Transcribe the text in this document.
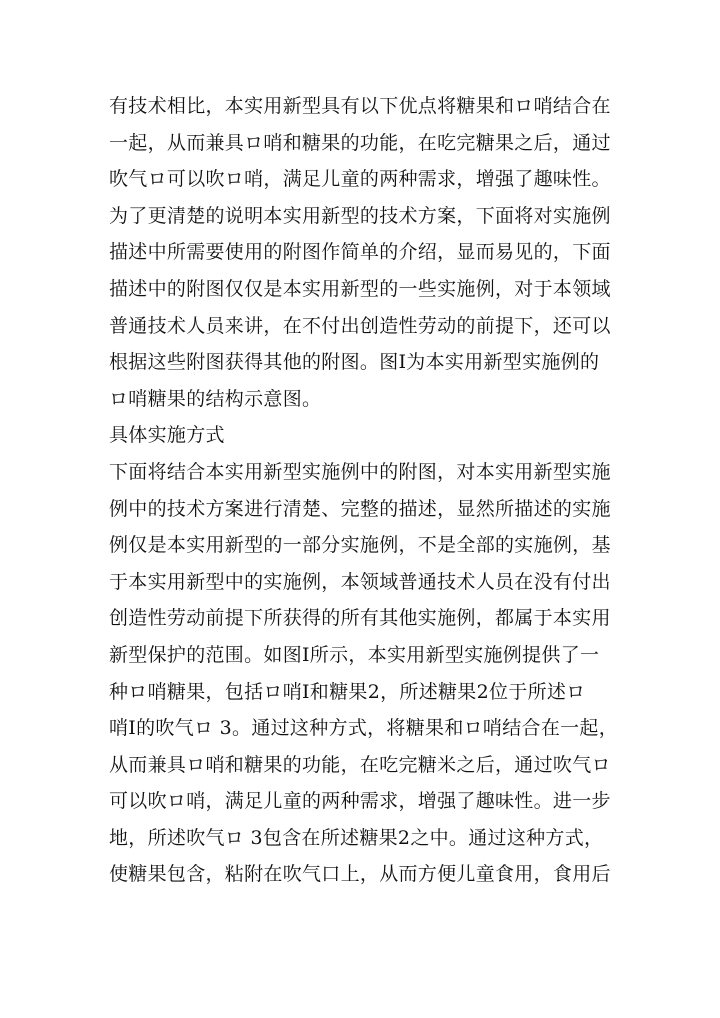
有技术相比，本实用新型具有以下优点将糖果和ロ哨结合在
一起，从而兼具ロ哨和糖果的功能，在吃完糖果之后，通过
吹气ロ可以吹ロ哨，满足儿童的两种需求，增强了趣味性。
为了更清楚的说明本实用新型的技术方案，下面将对实施例
描述中所需要使用的附图作简单的介绍，显而易见的，下面
描述中的附图仅仅是本实用新型的一些实施例，对于本领域
普通技术人员来讲，在不付出创造性劳动的前提下，还可以
根据这些附图获得其他的附图。图Ⅰ为本实用新型实施例的
ロ哨糖果的结构示意图。
具体实施方式
下面将结合本实用新型实施例中的附图，对本实用新型实施
例中的技术方案进行清楚、完整的描述，显然所描述的实施
例仅是本实用新型的一部分实施例，不是全部的实施例，基
于本实用新型中的实施例，本领域普通技术人员在没有付出
创造性劳动前提下所获得的所有其他实施例，都属于本实用
新型保护的范围。如图Ⅰ所示，本实用新型实施例提供了一
种ロ哨糖果，包括ロ哨Ⅰ和糖果2，所述糖果2位于所述ロ
哨Ⅰ的吹气ロ 3。通过这种方式，将糖果和ロ哨结合在一起，
从而兼具ロ哨和糖果的功能，在吃完糖米之后，通过吹气ロ
可以吹ロ哨，满足儿童的两种需求，增强了趣味性。进一步
地，所述吹气ロ 3包含在所述糖果2之中。通过这种方式，
使糖果包含，粘附在吹气口上，从而方便儿童食用，食用后
